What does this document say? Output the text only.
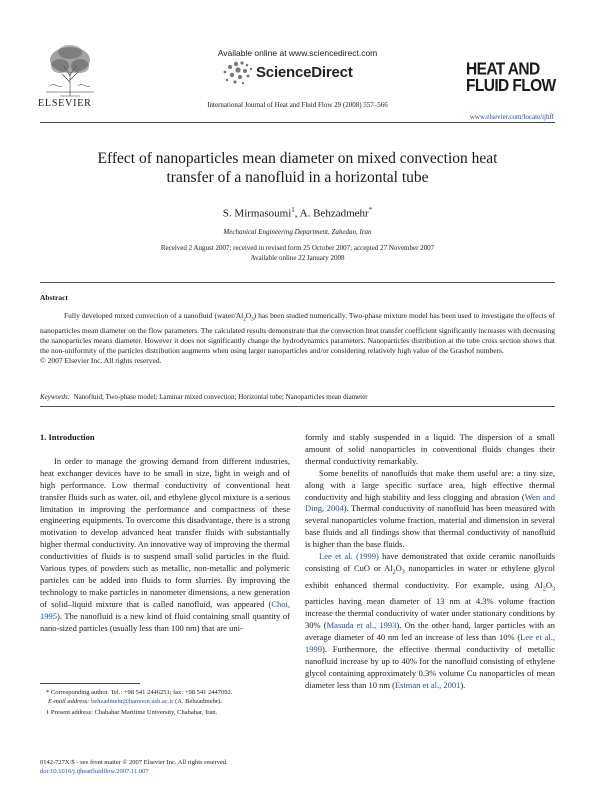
Available online at www.sciencedirect.com
ScienceDirect
International Journal of Heat and Fluid Flow 29 (2008) 557–566
ELSEVIER
HEAT AND
FLUID FLOW
www.elsevier.com/locate/ijhff
Effect of nanoparticles mean diameter on mixed convection heat
transfer of a nanofluid in a horizontal tube
S. Mirmasoumi$^1$, A. Behzadmehr*
Mechanical Engineering Department, Zahedan, Iran
Received 2 August 2007; received in revised form 25 October 2007; accepted 27 November 2007
Available online 22 January 2008
Abstract
Fully developed mixed convection of a nanofluid $(water/Al_2O_3)$ has been studied numerically. Two-phase mixture model has been used to investigate the effects of nanoparticles mean diameter on the flow parameters. The calculated results demonstrate that the convection heat transfer coefficient significantly increases with decreasing the nanoparticles means diameter. However it does not significantly change the hydrodynamics parameters. Nanoparticles distribution at the tube cross section shows that the non-uniformity of the particles distribution augments when using larger nanoparticles and/or considering relatively high value of the Grashof numbers.
© 2007 Elsevier Inc. All rights reserved.
Keywords: Nanofluid; Two-phase model; Laminar mixed convection; Horizontal tube; Nanoparticles mean diameter
1. Introduction

In order to manage the growing demand from different industries, heat exchanger devices have to be small in size, light in weigh and of high performance. Low thermal conductivity of conventional heat transfer fluids such as water, oil, and ethylene glycol mixture is a serious limitation in improving the performance and compactness of these engineering equipments. To overcome this disadvantage, there is a strong motivation to develop advanced heat transfer fluids with substantially higher thermal conductivity. An innovative way of improving the thermal conductivities of fluids is to suspend small solid particles in the fluid. Various types of powders such as metallic, non-metallic and polymeric particles can be added into fluids to form slurries. By improving the technology to make particles in nanometer dimensions, a new generation of solid–liquid mixture that is called nanofluid, was appeared (Choi, 1995). The nanofluid is a new kind of fluid containing small quantity of nano-sized particles (usually less than 100 nm) that are uni-

formly and stably suspended in a liquid. The dispersion of a small amount of solid nanoparticles in conventional fluids changes their thermal conductivity remarkably.

Some benefits of nanofluids that make them useful are: a tiny size, along with a large specific surface area, high effective thermal conductivity and high stability and less clogging and abrasion (Wen and Ding, 2004). Thermal conductivity of nanofluid has been measured with several nanoparticles volume fraction, material and dimension in several base fluids and all findings show that thermal conductivity of nanofluid is higher than the base fluids.

Lee et al. (1999) have demonstrated that oxide ceramic nanofluids consisting of CuO or $Al_2O_3$ nanoparticles in water or ethylene glycol exhibit enhanced thermal conductivity. For example, using $Al_2O_3$ particles having mean diameter of 13 nm at 4.3% volume fraction increase the thermal conductivity of water under stationary conditions by 30% (Masuda et al., 1993). On the other hand, larger particles with an average diameter of 40 nm led an increase of less than 10% (Lee et al., 1999). Furthermore, the effective thermal conductivity of metallic nanofluid increase by up to 40% for the nanofluid consisting of ethylene glycol containing approximately 0.3% volume Cu nanoparticles of mean diameter less than 10 nm (Estman et al., 2001).

* Corresponding author. Tel.: +98 541 2446251; fax: +98 541 2447092.
E-mail address: behzadmehr@hamoon.usb.ac.ir (A. Behzadmehr).
1 Present address: Chabahar Maritime University, Chabahar, Iran.
0142-727X/$ - see front matter © 2007 Elsevier Inc. All rights reserved.
doi:10.1016/j.ijheatfluidflow.2007.11.007
